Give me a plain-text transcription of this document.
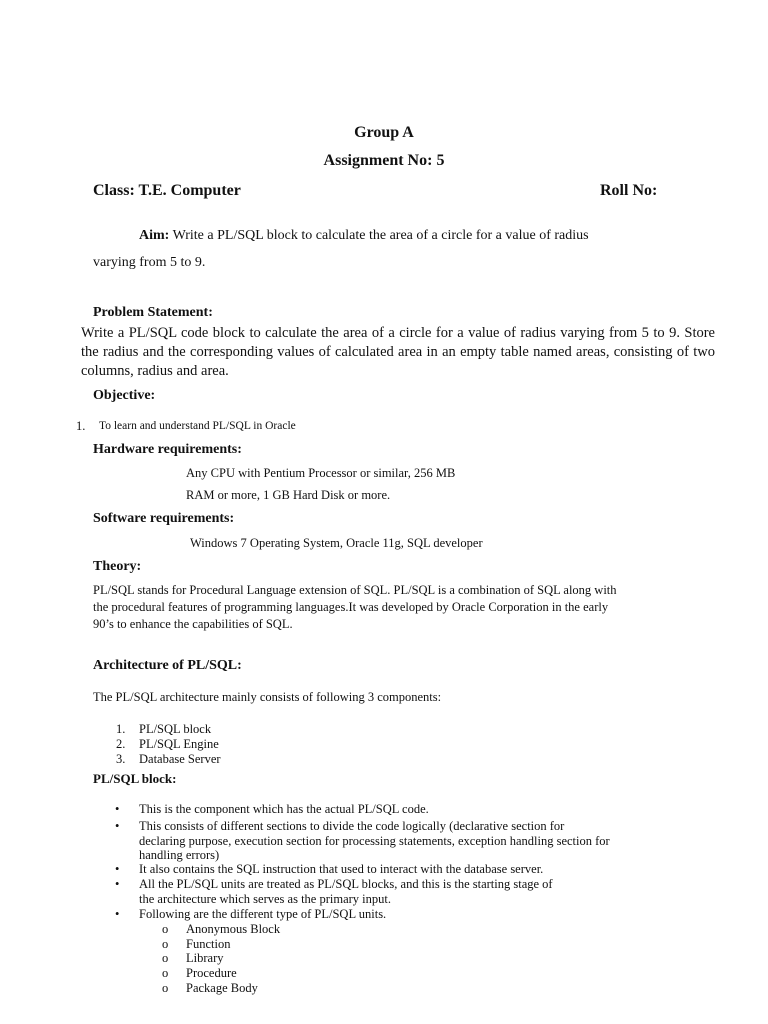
Group A
Assignment No: 5
Class: T.E. Computer	Roll No:
Aim: Write a PL/SQL block to calculate the area of a circle for a value of radius
varying from 5 to 9.
Problem Statement:
Write a PL/SQL code block to calculate the area of a circle for a value of radius varying from 5 to 9. Store the radius and the corresponding values of calculated area in an empty table named areas, consisting of two columns, radius and area.
Objective:
1. To learn and understand PL/SQL in Oracle
Hardware requirements:
Any CPU with Pentium Processor or similar, 256 MB
RAM or more, 1 GB Hard Disk or more.
Software requirements:
Windows 7 Operating System, Oracle 11g, SQL developer
Theory:
PL/SQL stands for Procedural Language extension of SQL. PL/SQL is a combination of SQL along with
the procedural features of programming languages.It was developed by Oracle Corporation in the early
90’s to enhance the capabilities of SQL.
Architecture of PL/SQL:
The PL/SQL architecture mainly consists of following 3 components:
1. PL/SQL block
2. PL/SQL Engine
3. Database Server
PL/SQL block:
• This is the component which has the actual PL/SQL code.
• This consists of different sections to divide the code logically (declarative section for
declaring purpose, execution section for processing statements, exception handling section for
handling errors)
• It also contains the SQL instruction that used to interact with the database server.
• All the PL/SQL units are treated as PL/SQL blocks, and this is the starting stage of
the architecture which serves as the primary input.
• Following are the different type of PL/SQL units.
o Anonymous Block
o Function
o Library
o Procedure
o Package Body
